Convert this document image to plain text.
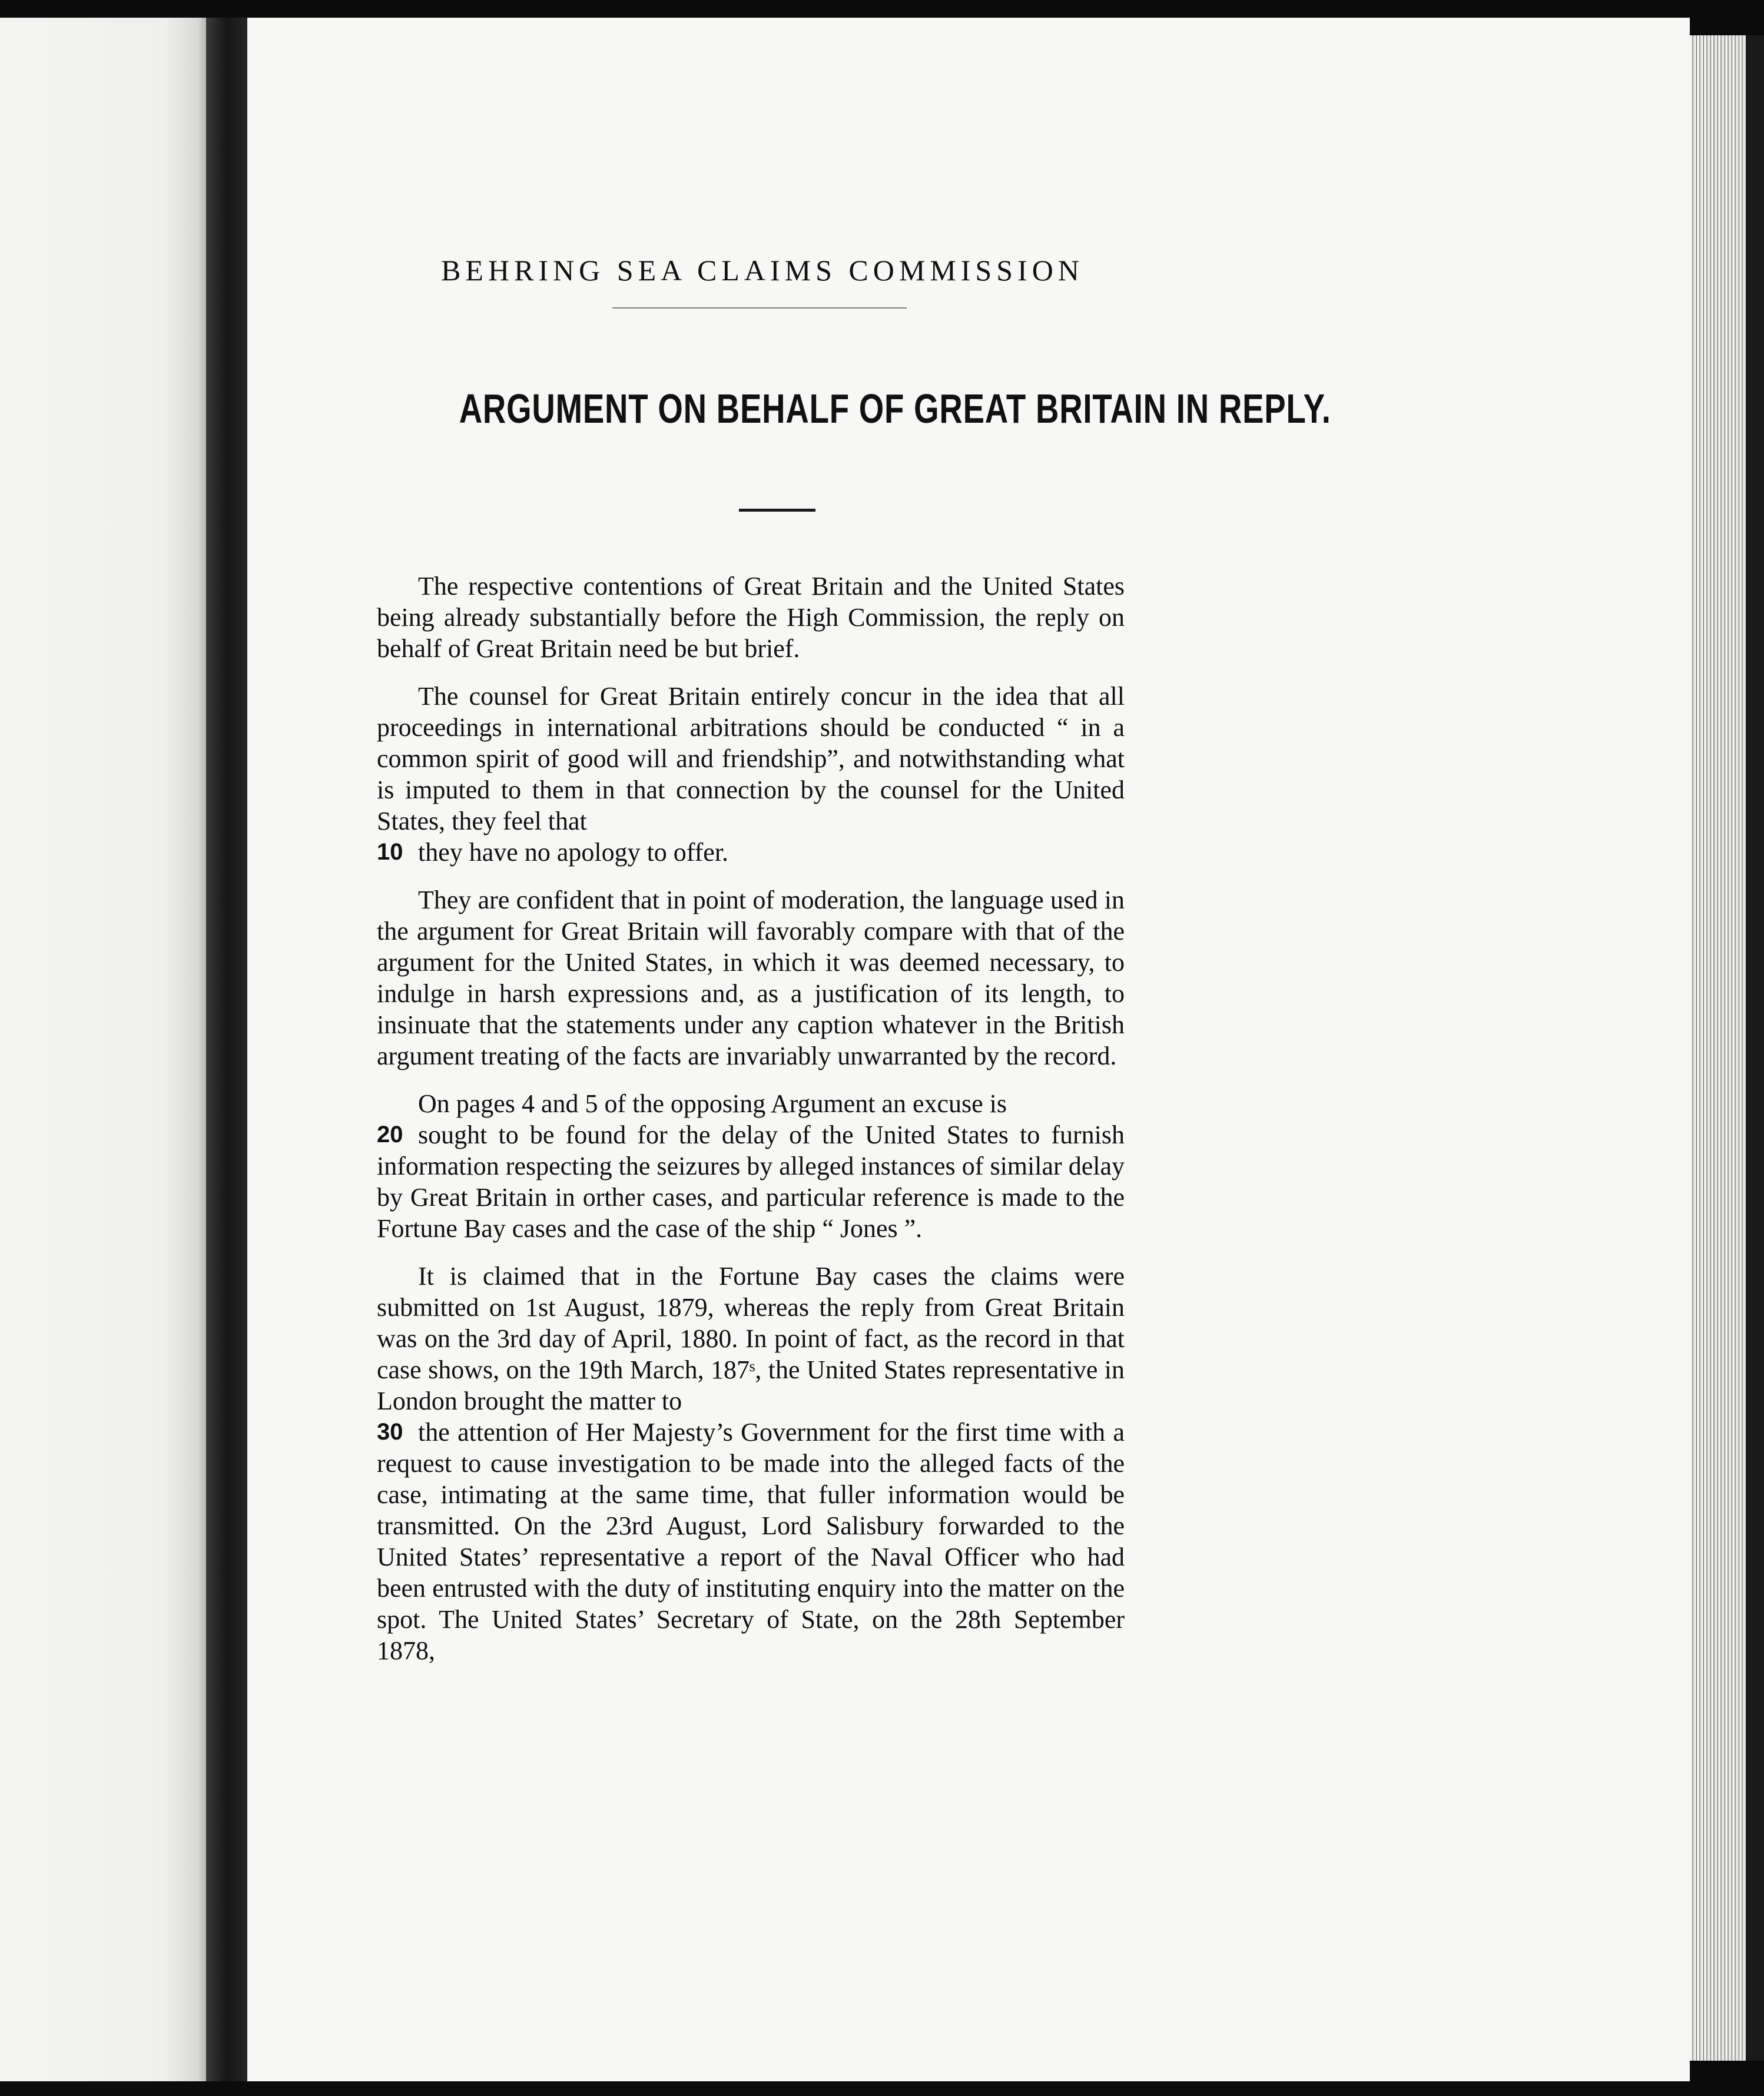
BEHRING SEA CLAIMS COMMISSION
ARGUMENT ON BEHALF OF GREAT BRITAIN IN REPLY.

The respective contentions of Great Britain and the United States being already substantially before the High Commission, the reply on behalf of Great Britain need be but brief.

The counsel for Great Britain entirely concur in the idea that all proceedings in international arbitrations should be conducted “ in a common spirit of good will and friendship”, and notwithstanding what is imputed to them in that connection by the counsel for the United States, they feel that
10 they have no apology to offer.

They are confident that in point of moderation, the language used in the argument for Great Britain will favorably compare with that of the argument for the United States, in which it was deemed necessary, to indulge in harsh expressions and, as a justification of its length, to insinuate that the statements under any caption whatever in the British argument treating of the facts are invariably unwarranted by the record.

On pages 4 and 5 of the opposing Argument an excuse is
20 sought to be found for the delay of the United States to furnish information respecting the seizures by alleged instances of similar delay by Great Britain in orther cases, and particular reference is made to the Fortune Bay cases and the case of the ship “ Jones ”.

It is claimed that in the Fortune Bay cases the claims were submitted on 1st August, 1879, whereas the reply from Great Britain was on the 3rd day of April, 1880. In point of fact, as the record in that case shows, on the 19th March, 187ˢ, the United States representative in London brought the matter to
30 the attention of Her Majesty’s Government for the first time with a request to cause investigation to be made into the alleged facts of the case, intimating at the same time, that fuller information would be transmitted. On the 23rd August, Lord Salisbury forwarded to the United States’ representative a report of the Naval Officer who had been entrusted with the duty of instituting enquiry into the matter on the spot. The United States’ Secretary of State, on the 28th September 1878,
